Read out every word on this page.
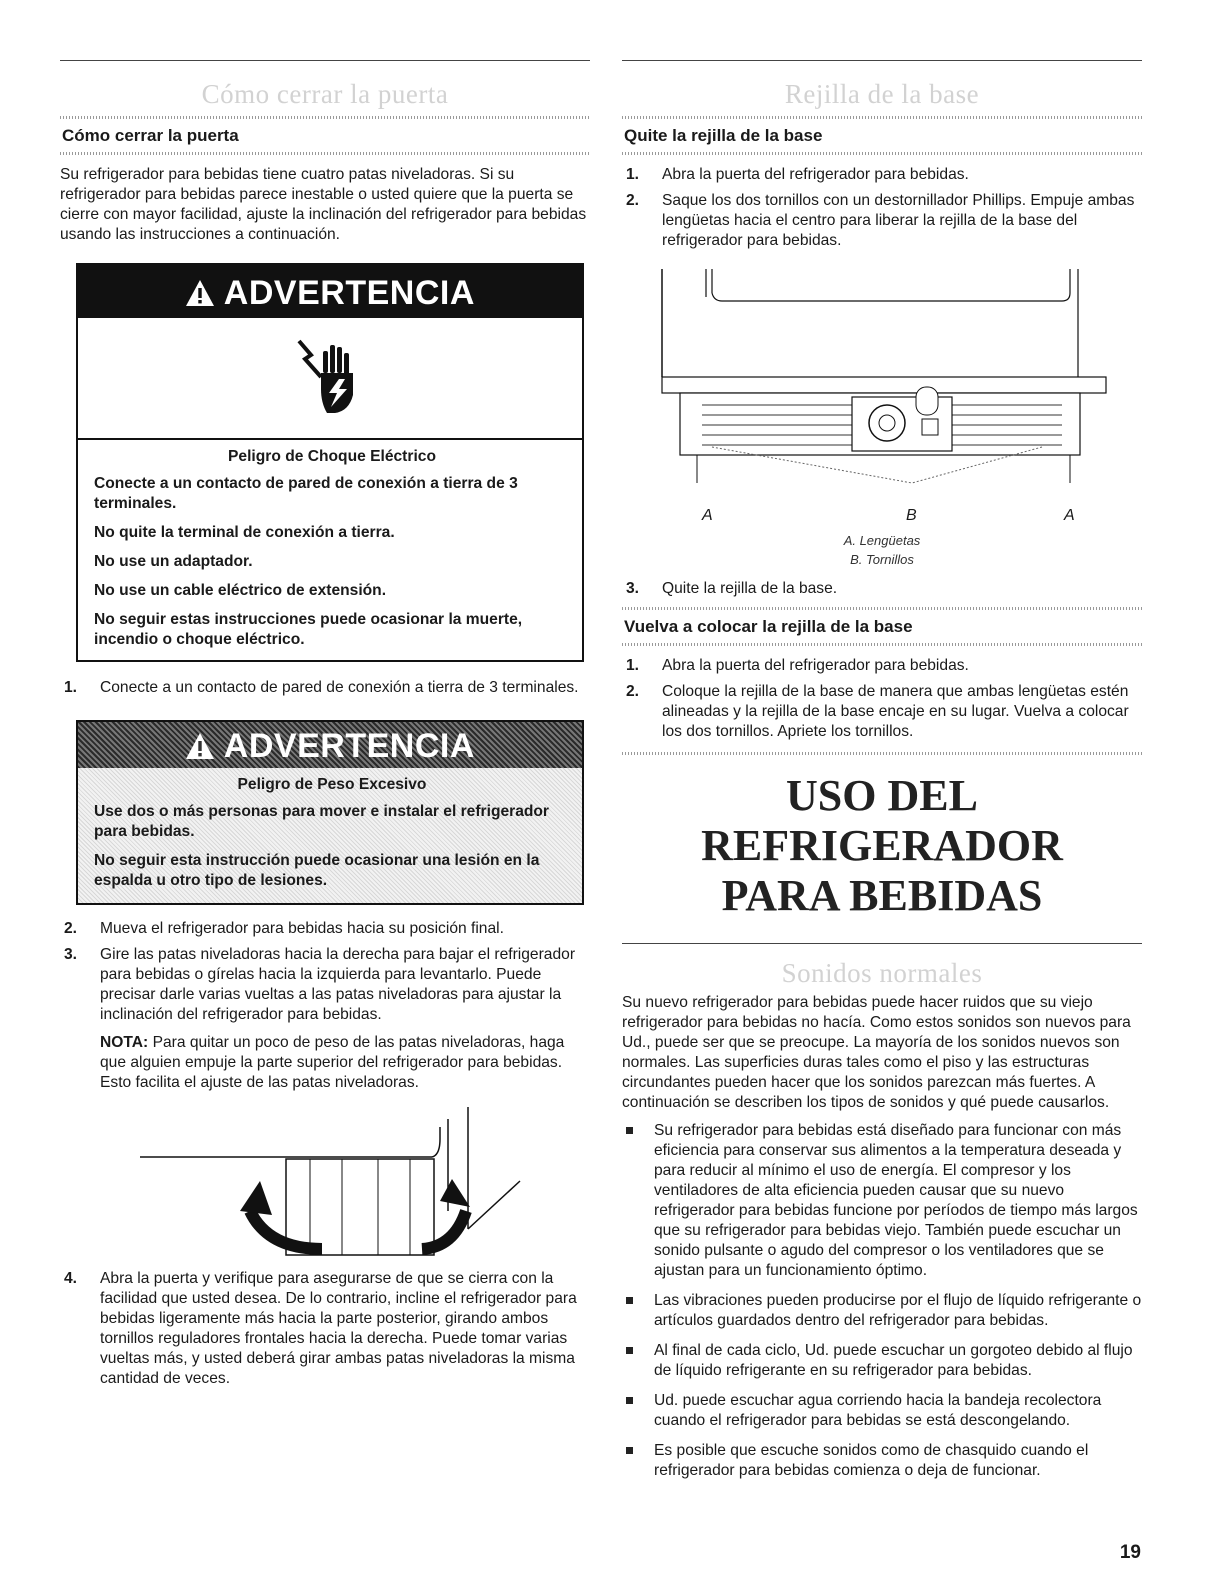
Cómo cerrar la puerta
Cómo cerrar la puerta

Su refrigerador para bebidas tiene cuatro patas niveladoras. Si su refrigerador para bebidas parece inestable o usted quiere que la puerta se cierre con mayor facilidad, ajuste la inclinación del refrigerador para bebidas usando las instrucciones a continuación.

ADVERTENCIA
Peligro de Choque Eléctrico
Conecte a un contacto de pared de conexión a tierra de 3 terminales.
No quite la terminal de conexión a tierra.
No use un adaptador.
No use un cable eléctrico de extensión.
No seguir estas instrucciones puede ocasionar la muerte, incendio o choque eléctrico.
1. Conecte a un contacto de pared de conexión a tierra de 3 terminales.
ADVERTENCIA
Peligro de Peso Excesivo
Use dos o más personas para mover e instalar el refrigerador para bebidas.
No seguir esta instrucción puede ocasionar una lesión en la espalda u otro tipo de lesiones.
2. Mueva el refrigerador para bebidas hacia su posición final.
3. Gire las patas niveladoras hacia la derecha para bajar el refrigerador para bebidas o gírelas hacia la izquierda para levantarlo. Puede precisar darle varias vueltas a las patas niveladoras para ajustar la inclinación del refrigerador para bebidas.
NOTA: Para quitar un poco de peso de las patas niveladoras, haga que alguien empuje la parte superior del refrigerador para bebidas. Esto facilita el ajuste de las patas niveladoras.
4. Abra la puerta y verifique para asegurarse de que se cierra con la facilidad que usted desea. De lo contrario, incline el refrigerador para bebidas ligeramente más hacia la parte posterior, girando ambos tornillos reguladores frontales hacia la derecha. Puede tomar varias vueltas más, y usted deberá girar ambas patas niveladoras la misma cantidad de veces.
Rejilla de la base
Quite la rejilla de la base
1. Abra la puerta del refrigerador para bebidas.
2. Saque los dos tornillos con un destornillador Phillips. Empuje ambas lengüetas hacia el centro para liberar la rejilla de la base del refrigerador para bebidas.
A	B	A
A. Lengüetas
B. Tornillos
3. Quite la rejilla de la base.
Vuelva a colocar la rejilla de la base
1. Abra la puerta del refrigerador para bebidas.
2. Coloque la rejilla de la base de manera que ambas lengüetas estén alineadas y la rejilla de la base encaje en su lugar. Vuelva a colocar los dos tornillos. Apriete los tornillos.
USO DEL REFRIGERADOR
PARA BEBIDAS
Sonidos normales

Su nuevo refrigerador para bebidas puede hacer ruidos que su viejo refrigerador para bebidas no hacía. Como estos sonidos son nuevos para Ud., puede ser que se preocupe. La mayoría de los sonidos nuevos son normales. Las superficies duras tales como el piso y las estructuras circundantes pueden hacer que los sonidos parezcan más fuertes. A continuación se describen los tipos de sonidos y qué puede causarlos.

Su refrigerador para bebidas está diseñado para funcionar con más eficiencia para conservar sus alimentos a la temperatura deseada y para reducir al mínimo el uso de energía. El compresor y los ventiladores de alta eficiencia pueden causar que su nuevo refrigerador para bebidas funcione por períodos de tiempo más largos que su refrigerador para bebidas viejo. También puede escuchar un sonido pulsante o agudo del compresor o los ventiladores que se ajustan para un funcionamiento óptimo.
Las vibraciones pueden producirse por el flujo de líquido refrigerante o artículos guardados dentro del refrigerador para bebidas.
Al final de cada ciclo, Ud. puede escuchar un gorgoteo debido al flujo de líquido refrigerante en su refrigerador para bebidas.
Ud. puede escuchar agua corriendo hacia la bandeja recolectora cuando el refrigerador para bebidas se está descongelando.
Es posible que escuche sonidos como de chasquido cuando el refrigerador para bebidas comienza o deja de funcionar.
19
